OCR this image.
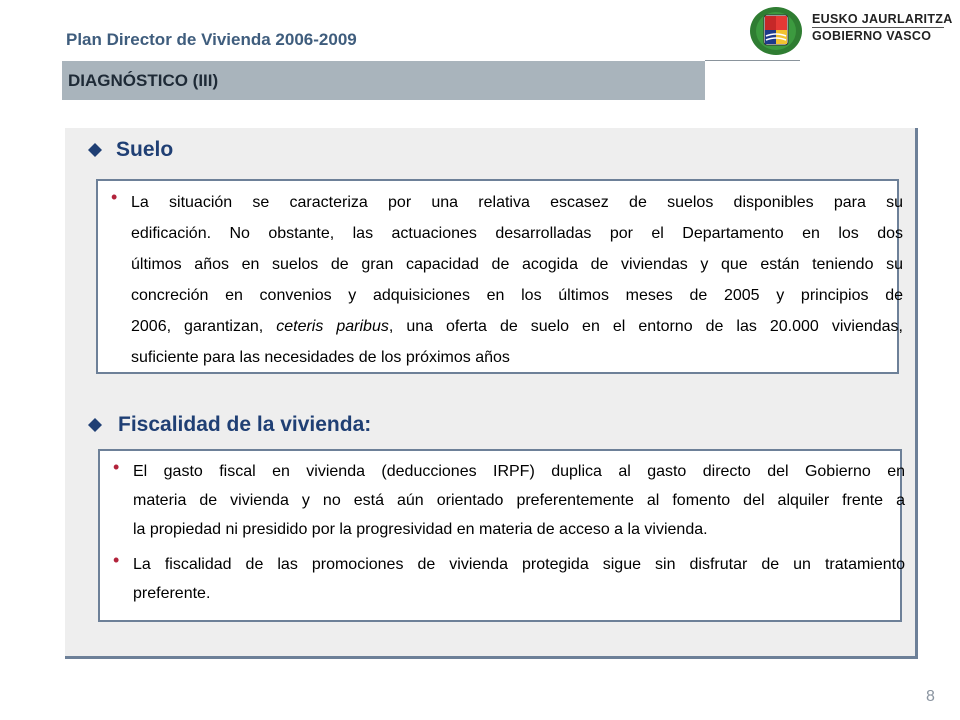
Plan Director de Vivienda 2006-2009
DIAGNÓSTICO (III)
EUSKO JAURLARITZA
GOBIERNO VASCO
Suelo
• La situación se caracteriza por una relativa escasez de suelos disponibles para su
edificación. No obstante, las actuaciones desarrolladas por el Departamento en los dos
últimos años en suelos de gran capacidad de acogida de viviendas y que están teniendo su
concreción en convenios y adquisiciones en los últimos meses de 2005 y principios de
2006, garantizan, ceteris paribus, una oferta de suelo en el entorno de las 20.000 viviendas,
suficiente para las necesidades de los próximos años
Fiscalidad de la vivienda:
• El gasto fiscal en vivienda (deducciones IRPF) duplica al gasto directo del Gobierno en
materia de vivienda y no está aún orientado preferentemente al fomento del alquiler frente a
la propiedad ni presidido por la progresividad en materia de acceso a la vivienda.
• La fiscalidad de las promociones de vivienda protegida sigue sin disfrutar de un tratamiento
preferente.
8
